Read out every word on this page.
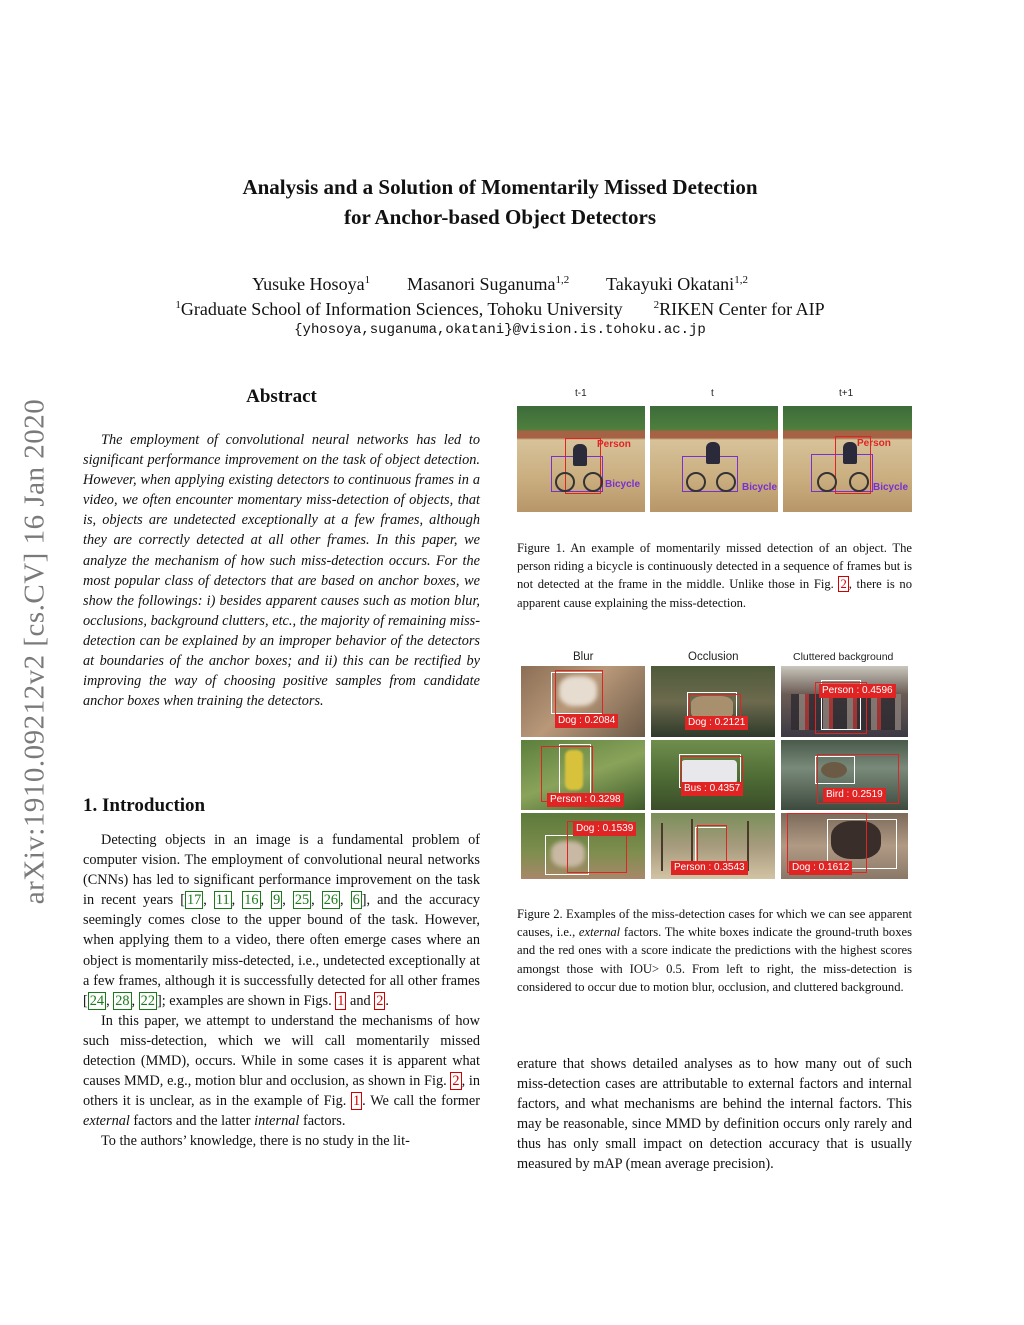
arXiv:1910.09212v2 [cs.CV] 16 Jan 2020
Analysis and a Solution of Momentarily Missed Detection
for Anchor-based Object Detectors
Yusuke Hosoya$^1$ Masanori Suganuma$^{1,2}$ Takayuki Okatani$^{1,2}$
$^1$Graduate School of Information Sciences, Tohoku University	$^2$RIKEN Center for AIP
{yhosoya,suganuma,okatani}@vision.is.tohoku.ac.jp
Abstract
The employment of convolutional neural networks has led to significant performance improvement on the task of object detection. However, when applying existing detectors to continuous frames in a video, we often encounter momentary miss-detection of objects, that is, objects are undetected exceptionally at a few frames, although they are correctly detected at all other frames. In this paper, we analyze the mechanism of how such miss-detection occurs. For the most popular class of detectors that are based on anchor boxes, we show the followings: i) besides apparent causes such as motion blur, occlusions, background clutters, etc., the majority of remaining miss-detection can be explained by an improper behavior of the detectors at boundaries of the anchor boxes; and ii) this can be rectified by improving the way of choosing positive samples from candidate anchor boxes when training the detectors.
1. Introduction

Detecting objects in an image is a fundamental problem of computer vision. The employment of convolutional neural networks (CNNs) has led to significant performance improvement on the task in recent years [ 17 , 11 , 16 , 9 , 25 , 26 , 6 ], and the accuracy seemingly comes close to the upper bound of the task. However, when applying them to a video, there often emerge cases where an object is momentarily miss-detected, i.e., undetected exceptionally at a few frames, although it is successfully detected for all other frames [ 24 , 28 , 22 ]; examples are shown in Figs. 1 and 2 .

In this paper, we attempt to understand the mechanisms of how such miss-detection, which we will call momentarily missed detection (MMD), occurs. While in some cases it is apparent what causes MMD, e.g., motion blur and occlusion, as shown in Fig. 2 , in others it is unclear, as in the example of Fig. 1 . We call the former external factors and the latter internal factors.

To the authors’ knowledge, there is no study in the lit-

t-1	t	t+1
Person
Bicycle	Bicycle
Person
Bicycle
Figure 1. An example of momentarily missed detection of an object. The person riding a bicycle is continuously detected in a sequence of frames but is not detected at the frame in the middle. Unlike those in Fig. 2 , there is no apparent cause explaining the miss-detection.
Blur	Occlusion	Cluttered background
Dog : 0.2084
Person : 0.3298
Dog : 0.1539
Dog : 0.2121
Bus : 0.4357
Person : 0.3543
Person : 0.4596
Bird : 0.2519
Dog : 0.1612
Figure 2. Examples of the miss-detection cases for which we can see apparent causes, i.e., external factors. The white boxes indicate the ground-truth boxes and the red ones with a score indicate the predictions with the highest scores amongst those with IOU> 0.5. From left to right, the miss-detection is considered to occur due to motion blur, occlusion, and cluttered background.
erature that shows detailed analyses as to how many out of such miss-detection cases are attributable to external factors and internal factors, and what mechanisms are behind the internal factors. This may be reasonable, since MMD by definition occurs only rarely and thus has only small impact on detection accuracy that is usually measured by mAP (mean average precision).
